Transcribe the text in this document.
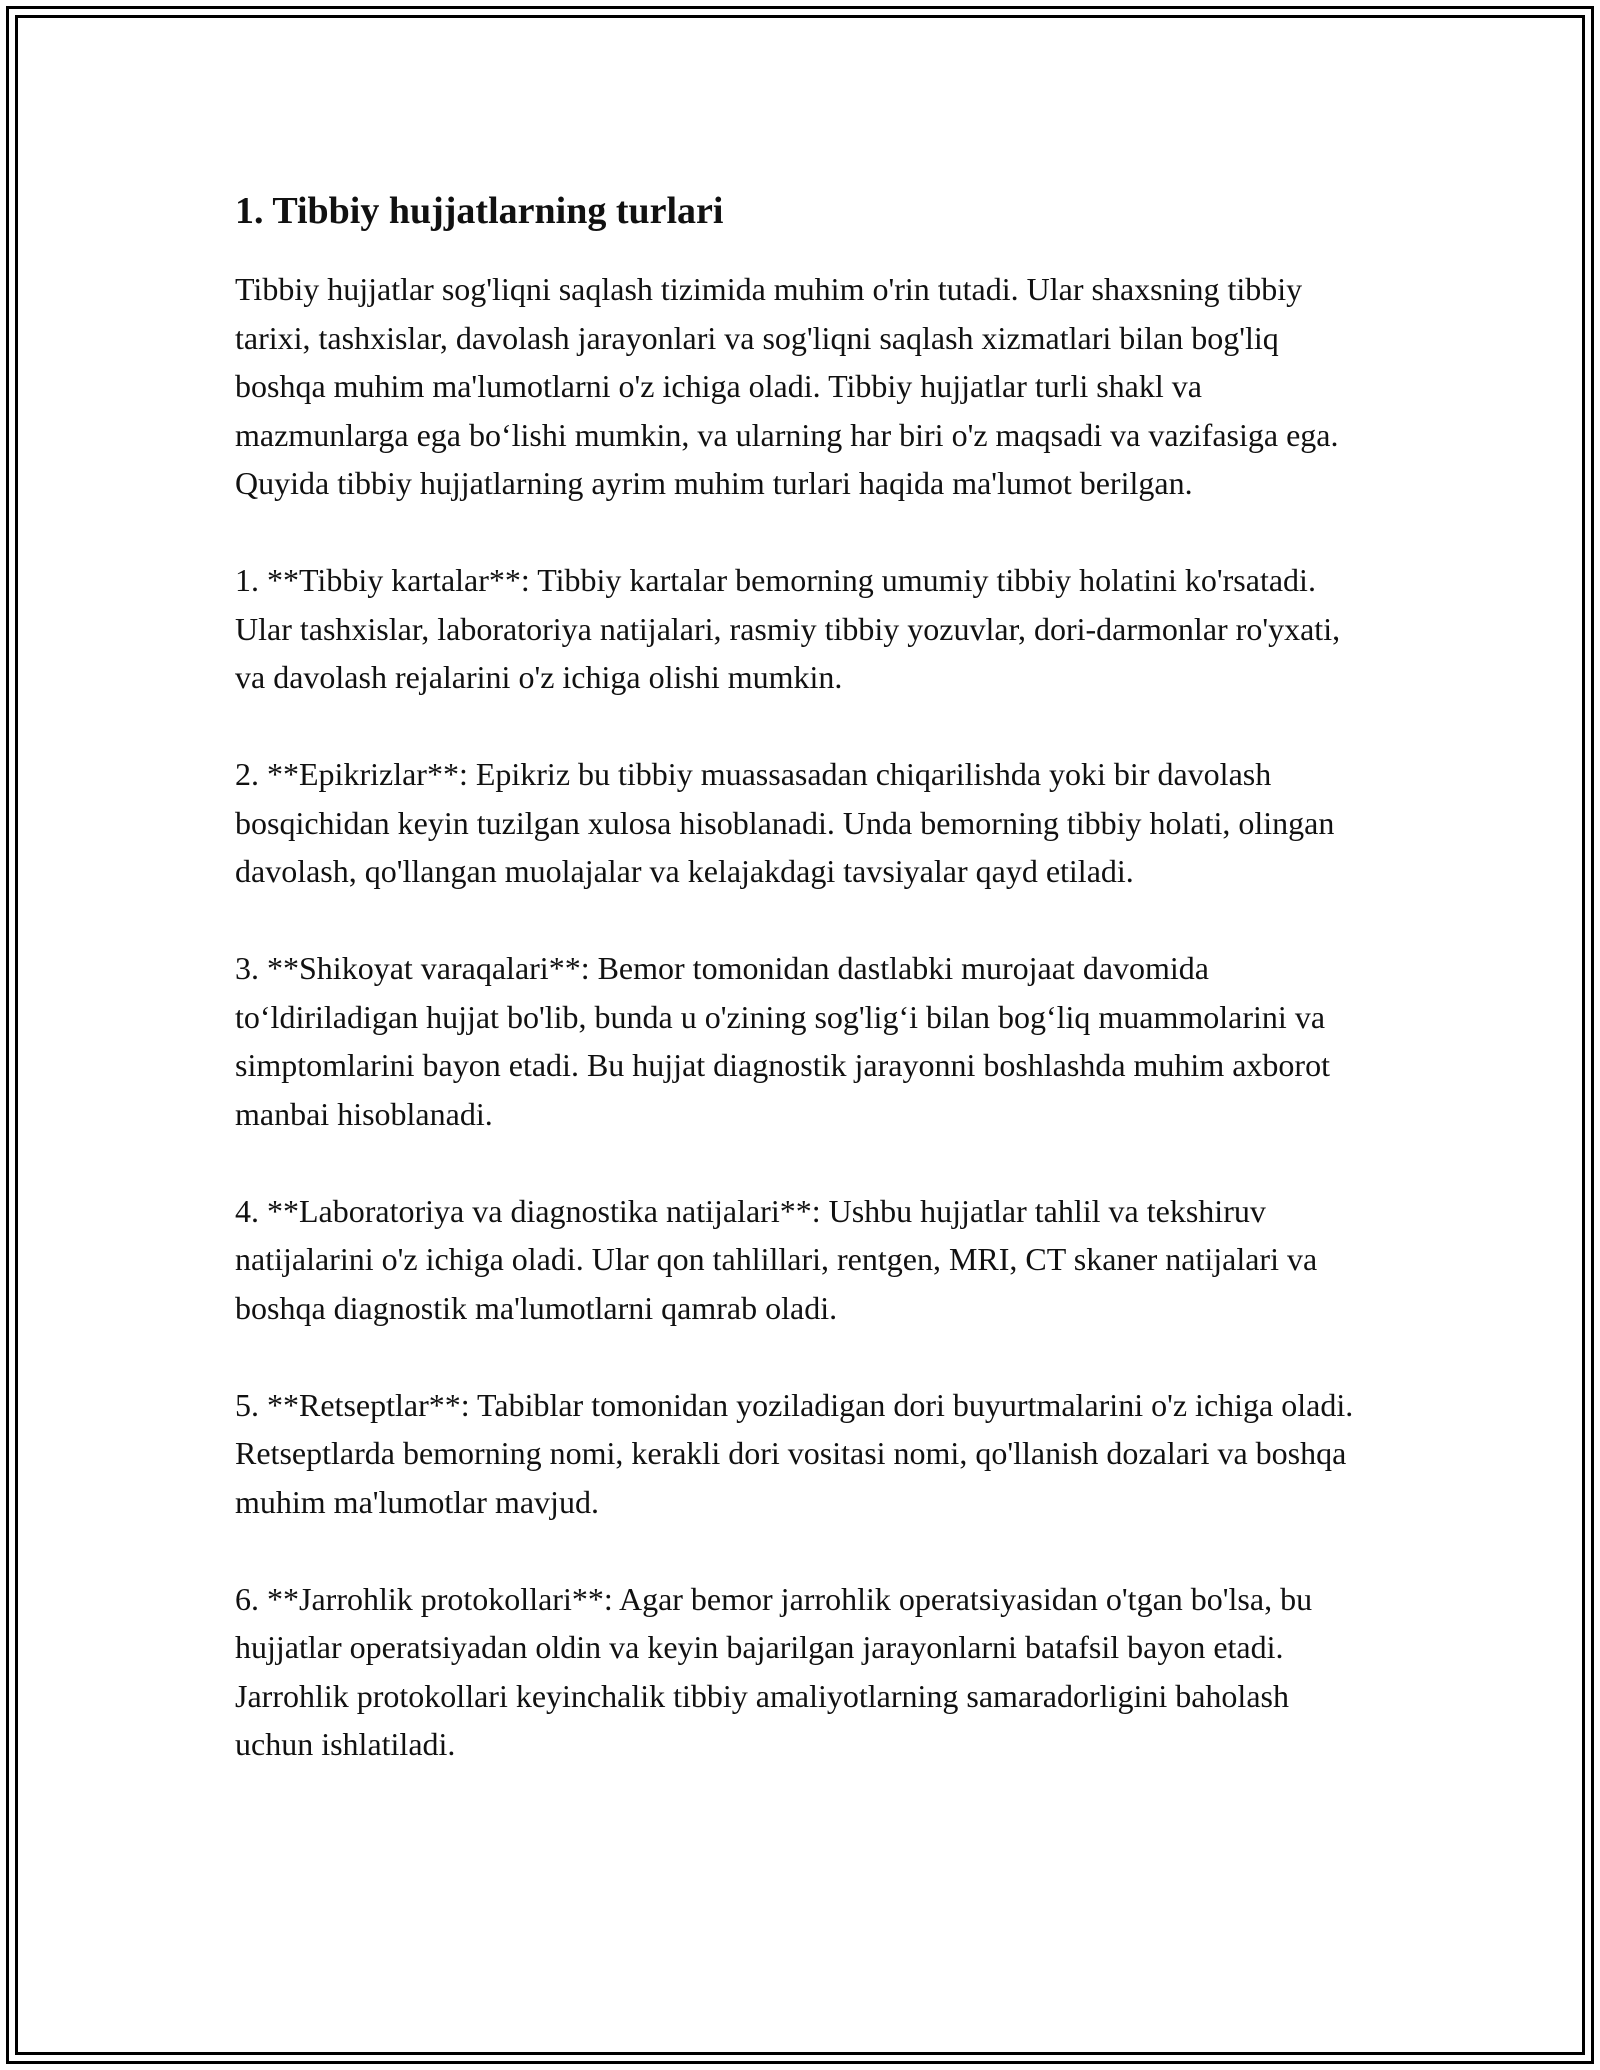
1. Tibbiy hujjatlarning turlari

Tibbiy hujjatlar sog'liqni saqlash tizimida muhim o'rin tutadi. Ular shaxsning tibbiy tarixi, tashxislar, davolash jarayonlari va sog'liqni saqlash xizmatlari bilan bog'liq boshqa muhim ma'lumotlarni o'z ichiga oladi. Tibbiy hujjatlar turli shakl va mazmunlarga ega bo‘lishi mumkin, va ularning har biri o'z maqsadi va vazifasiga ega. Quyida tibbiy hujjatlarning ayrim muhim turlari haqida ma'lumot berilgan.

1. **Tibbiy kartalar**: Tibbiy kartalar bemorning umumiy tibbiy holatini ko'rsatadi. Ular tashxislar, laboratoriya natijalari, rasmiy tibbiy yozuvlar, dori-darmonlar ro'yxati, va davolash rejalarini o'z ichiga olishi mumkin.

2. **Epikrizlar**: Epikriz bu tibbiy muassasadan chiqarilishda yoki bir davolash bosqichidan keyin tuzilgan xulosa hisoblanadi. Unda bemorning tibbiy holati, olingan davolash, qo'llangan muolajalar va kelajakdagi tavsiyalar qayd etiladi.

3. **Shikoyat varaqalari**: Bemor tomonidan dastlabki murojaat davomida to‘ldiriladigan hujjat bo'lib, bunda u o'zining sog'lig‘i bilan bog‘liq muammolarini va simptomlarini bayon etadi. Bu hujjat diagnostik jarayonni boshlashda muhim axborot manbai hisoblanadi.

4. **Laboratoriya va diagnostika natijalari**: Ushbu hujjatlar tahlil va tekshiruv natijalarini o'z ichiga oladi. Ular qon tahlillari, rentgen, MRI, CT skaner natijalari va boshqa diagnostik ma'lumotlarni qamrab oladi.

5. **Retseptlar**: Tabiblar tomonidan yoziladigan dori buyurtmalarini o'z ichiga oladi. Retseptlarda bemorning nomi, kerakli dori vositasi nomi, qo'llanish dozalari va boshqa muhim ma'lumotlar mavjud.

6. **Jarrohlik protokollari**: Agar bemor jarrohlik operatsiyasidan o'tgan bo'lsa, bu hujjatlar operatsiyadan oldin va keyin bajarilgan jarayonlarni batafsil bayon etadi. Jarrohlik protokollari keyinchalik tibbiy amaliyotlarning samaradorligini baholash uchun ishlatiladi.
